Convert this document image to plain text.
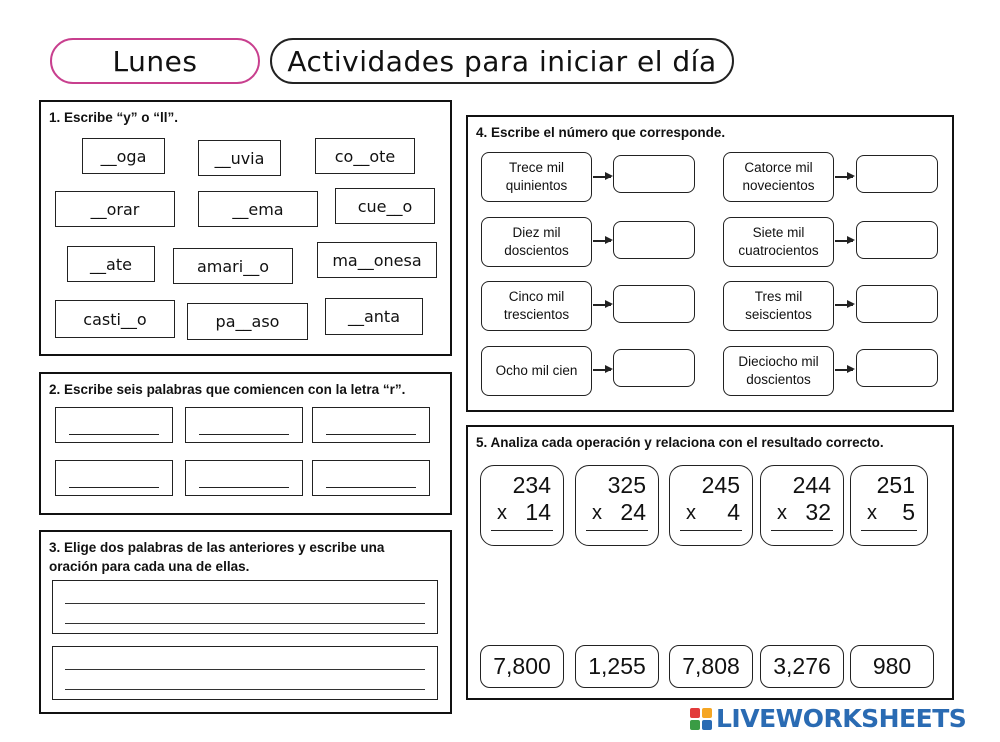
Lunes	Actividades para iniciar el día
1. Escribe “y” o “ll”.
__oga	__uvia	co__ote
__orar	__ema	cue__o
__ate	amari__o	ma__onesa
casti__o	pa__aso	__anta
2. Escribe seis palabras que comiencen con la letra “r”.
3. Elige dos palabras de las anteriores y escribe una
oración para cada una de ellas.
4. Escribe el número que corresponde.
Trece mil
quinientos
Catorce mil
novecientos
Diez mil
doscientos
Siete mil
cuatrocientos
Cinco mil
trescientos
Tres mil
seiscientos
Ocho mil cien
Dieciocho mil
doscientos
5. Analiza cada operación y relaciona con el resultado correcto.
234
x 14
325
x 24
245
x 4
244
x 32
251
x 5
7,800	1,255	7,808	3,276	980
LIVEWORKSHEETS
